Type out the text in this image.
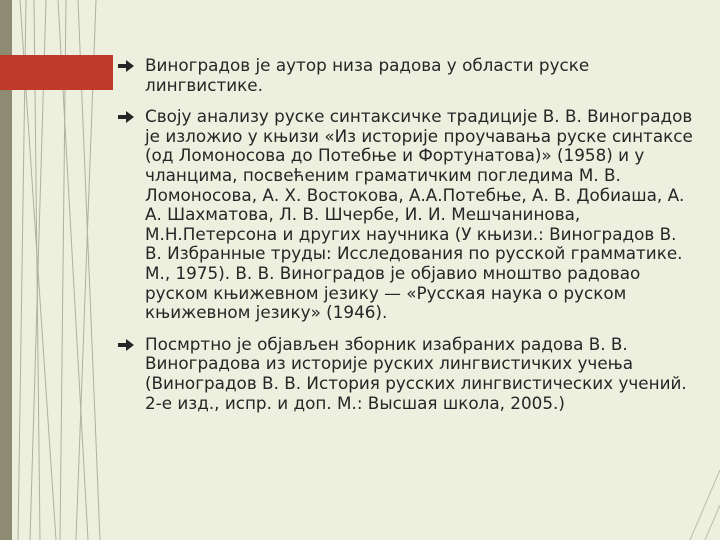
Виноградов је аутор низа радова у области руске лингвистике.
Своју анализу руске синтаксичке традиције В. В. Виноградов је изложио у књизи «Из историје проучавања руске синтаксе (од Ломоносова до Потебње и Фортунатова)» (1958) и у чланцима, посвећеним граматичким погледима М. В. Ломоносова, А. Х. Востокова, А.А.Потебње, А. В. Добиаша, А. А. Шахматова, Л. В. Шчербе, И. И. Мешчанинова, М.Н.Петерсона и других научника (У књизи.: Виноградов В. В. Избранные труды: Исследования по русской грамматике. М., 1975). В. В. Виноградов је објавио мноштво радовао руском књижевном језику — «Русская наука о руском књижевном језику» (1946).
Посмртно је објављен зборник изабраних радова В. В. Виноградова из историје руских лингвистичких учења (Виноградов В. В. История русских лингвистических учений. 2-е изд., испр. и доп. М.: Высшая школа, 2005.)
